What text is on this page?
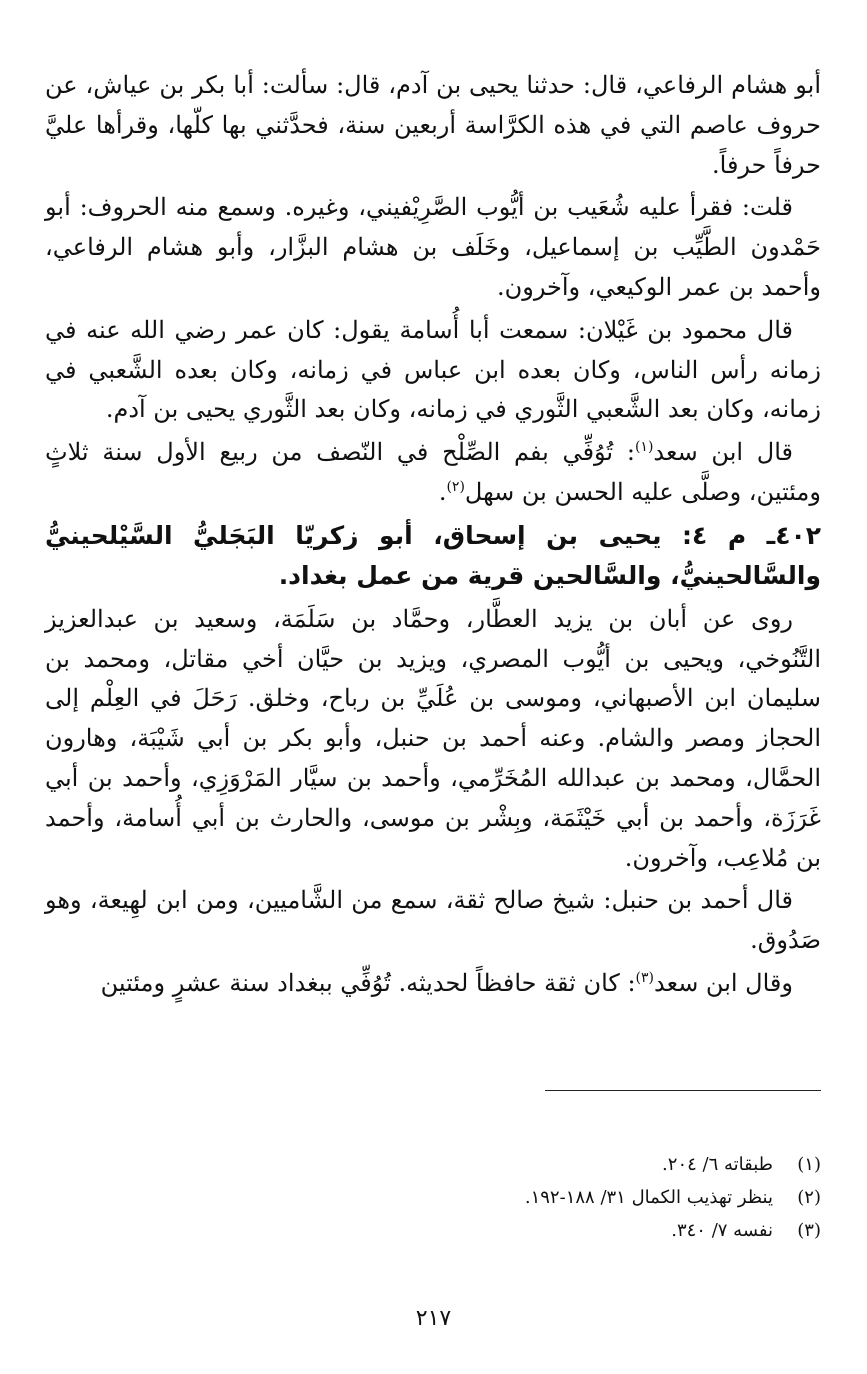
أبو هشام الرفاعي، قال: حدثنا يحيى بن آدم، قال: سألت: أبا بكر بن عياش، عن حروف عاصم التي في هذه الكرَّاسة أربعين سنة، فحدَّثني بها كلّها، وقرأها عليَّ حرفاً حرفاً.

قلت: فقرأ عليه شُعَيب بن أيُّوب الصَّرِيْفيني، وغيره. وسمع منه الحروف: أبو حَمْدون الطَّيِّب بن إسماعيل، وخَلَف بن هشام البزَّار، وأبو هشام الرفاعي، وأحمد بن عمر الوكيعي، وآخرون.

قال محمود بن غَيْلان: سمعت أبا أُسامة يقول: كان عمر رضي الله عنه في زمانه رأس الناس، وكان بعده ابن عباس في زمانه، وكان بعده الشَّعبي في زمانه، وكان بعد الشَّعبي الثَّوري في زمانه، وكان بعد الثَّوري يحيى بن آدم.

قال ابن سعد$^{(١)}$: تُوُفِّي بفم الصِّلْح في النّصف من ربيع الأول سنة ثلاثٍ ومئتين، وصلَّى عليه الحسن بن سهل$^{(٢)}$.

٤٠٢ـ م ٤: يحيى بن إسحاق، أبو زكريّا البَجَليُّ السَّيْلحينيُّ والسَّالحينيُّ، والسَّالحين قرية من عمل بغداد.

روى عن أبان بن يزيد العطَّار، وحمَّاد بن سَلَمَة، وسعيد بن عبدالعزيز التَّنُوخي، ويحيى بن أيُّوب المصري، ويزيد بن حيَّان أخي مقاتل، ومحمد بن سليمان ابن الأصبهاني، وموسى بن عُلَيِّ بن رباح، وخلق. رَحَلَ في العِلْم إلى الحجاز ومصر والشام. وعنه أحمد بن حنبل، وأبو بكر بن أبي شَيْبَة، وهارون الحمَّال، ومحمد بن عبدالله المُخَرِّمي، وأحمد بن سيَّار المَرْوَزِي، وأحمد بن أبي غَرَزَة، وأحمد بن أبي خَيْثَمَة، وبِشْر بن موسى، والحارث بن أبي أُسامة، وأحمد بن مُلاعِب، وآخرون.

قال أحمد بن حنبل: شيخ صالح ثقة، سمع من الشَّاميين، ومن ابن لهِيعة، وهو صَدُوق.

وقال ابن سعد$^{(٣)}$: كان ثقة حافظاً لحديثه. تُوُفِّي ببغداد سنة عشرٍ ومئتين

(١)
طبقاته ٦/ ٢٠٤.
(٢)
ينظر تهذيب الكمال ٣١/ ١٨٨-١٩٢.
(٣)
نفسه ٧/ ٣٤٠.
٢١٧
